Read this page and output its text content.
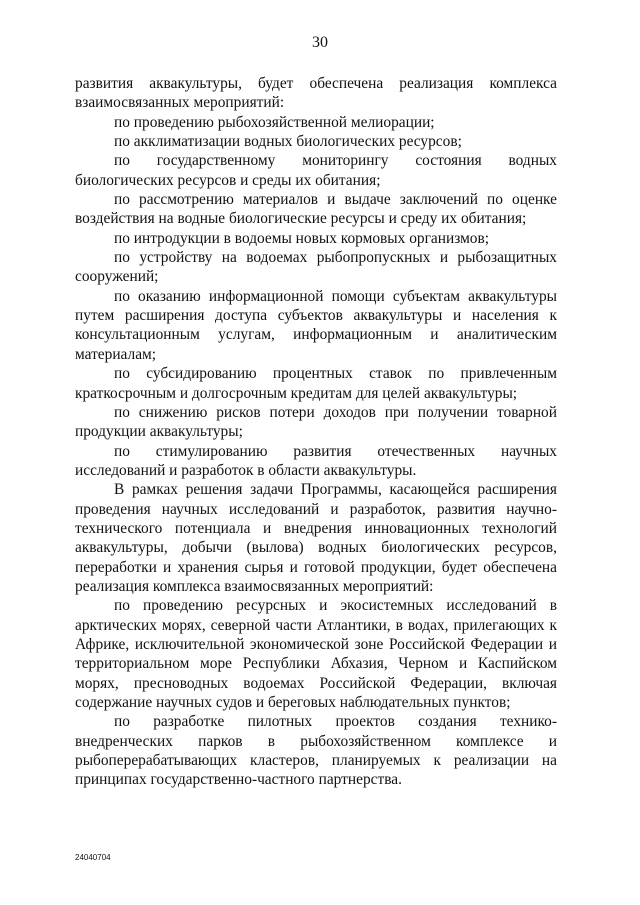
30

развития аквакультуры, будет обеспечена реализация комплекса взаимосвязанных мероприятий:

по проведению рыбохозяйственной мелиорации;

по акклиматизации водных биологических ресурсов;

по государственному мониторингу состояния водных биологических ресурсов и среды их обитания;

по рассмотрению материалов и выдаче заключений по оценке воздействия на водные биологические ресурсы и среду их обитания;

по интродукции в водоемы новых кормовых организмов;

по устройству на водоемах рыбопропускных и рыбозащитных сооружений;

по оказанию информационной помощи субъектам аквакультуры путем расширения доступа субъектов аквакультуры и населения к консультационным услугам, информационным и аналитическим материалам;

по субсидированию процентных ставок по привлеченным краткосрочным и долгосрочным кредитам для целей аквакультуры;

по снижению рисков потери доходов при получении товарной продукции аквакультуры;

по стимулированию развития отечественных научных исследований и разработок в области аквакультуры.

В рамках решения задачи Программы, касающейся расширения проведения научных исследований и разработок, развития научно-технического потенциала и внедрения инновационных технологий аквакультуры, добычи (вылова) водных биологических ресурсов, переработки и хранения сырья и готовой продукции, будет обеспечена реализация комплекса взаимосвязанных мероприятий:

по проведению ресурсных и экосистемных исследований в арктических морях, северной части Атлантики, в водах, прилегающих к Африке, исключительной экономической зоне Российской Федерации и территориальном море Республики Абхазия, Черном и Каспийском морях, пресноводных водоемах Российской Федерации, включая содержание научных судов и береговых наблюдательных пунктов;

по разработке пилотных проектов создания технико-внедренческих парков в рыбохозяйственном комплексе и рыбоперерабатывающих кластеров, планируемых к реализации на принципах государственно-частного партнерства.

24040704
